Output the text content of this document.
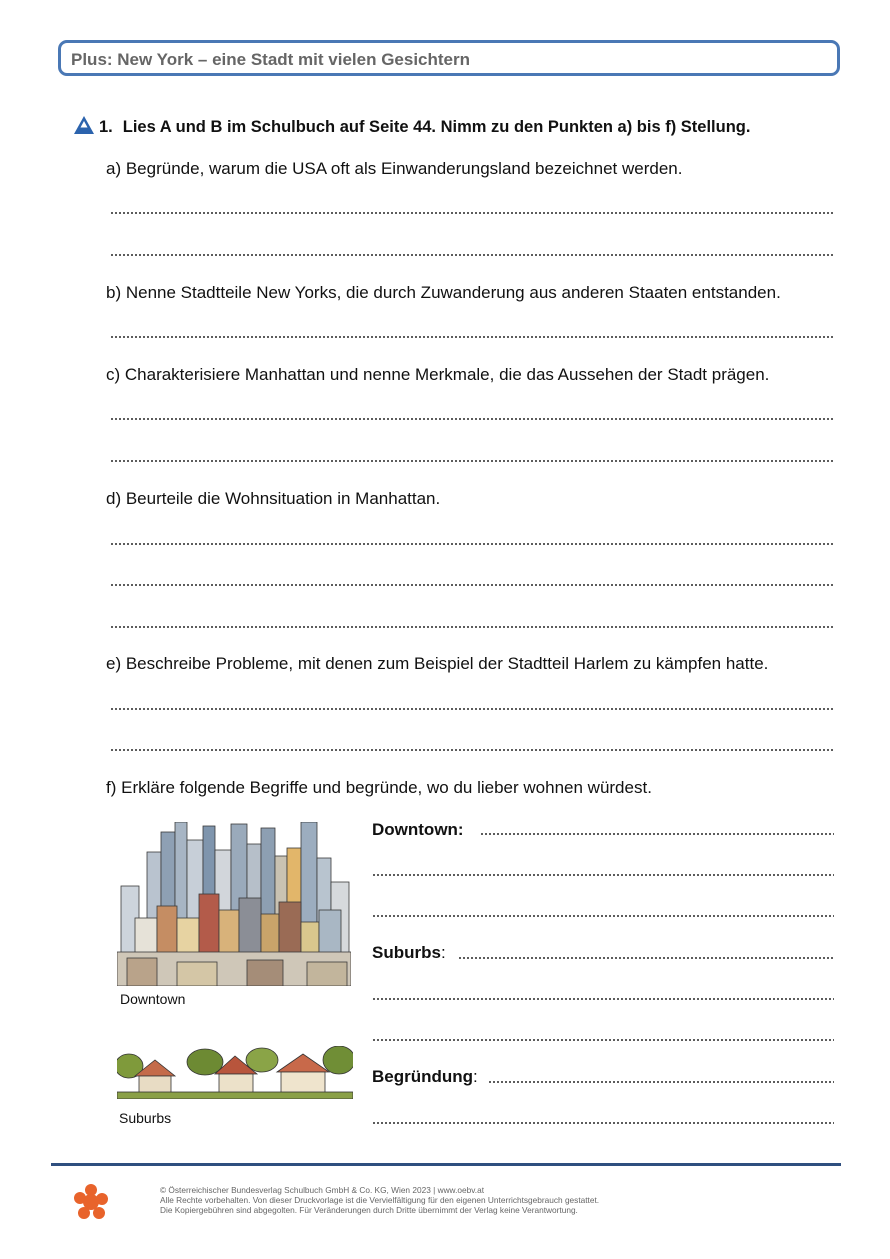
Plus: New York – eine Stadt mit vielen Gesichtern
1. Lies A und B im Schulbuch auf Seite 44. Nimm zu den Punkten a) bis f) Stellung.
a) Begründe, warum die USA oft als Einwanderungsland bezeichnet werden.
b) Nenne Stadtteile New Yorks, die durch Zuwanderung aus anderen Staaten entstanden.
c) Charakterisiere Manhattan und nenne Merkmale, die das Aussehen der Stadt prägen.
d) Beurteile die Wohnsituation in Manhattan.
e) Beschreibe Probleme, mit denen zum Beispiel der Stadtteil Harlem zu kämpfen hatte.
f) Erkläre folgende Begriffe und begründe, wo du lieber wohnen würdest.
Downtown
Suburbs
Downtown:
Suburbs:
Begründung:
© Österreichischer Bundesverlag Schulbuch GmbH & Co. KG, Wien 2023 | www.oebv.at
Alle Rechte vorbehalten. Von dieser Druckvorlage ist die Vervielfältigung für den eigenen Unterrichtsgebrauch gestattet.
Die Kopiergebühren sind abgegolten. Für Veränderungen durch Dritte übernimmt der Verlag keine Verantwortung.
